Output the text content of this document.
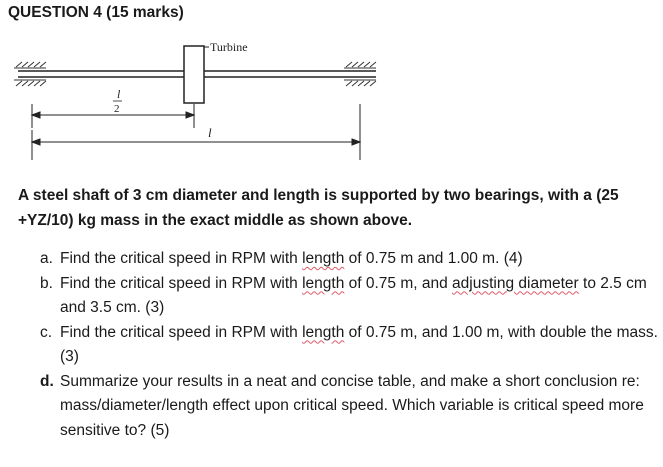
QUESTION 4 (15 marks)
Turbine
l
2
l
A steel shaft of 3 cm diameter and length is supported by two bearings, with a (25 +YZ/10) kg mass in the exact middle as shown above.
a. Find the critical speed in RPM with length of 0.75 m and 1.00 m. (4)
b. Find the critical speed in RPM with length of 0.75 m, and adjusting diameter to 2.5 cm and 3.5 cm. (3)
c. Find the critical speed in RPM with length of 0.75 m, and 1.00 m, with double the mass. (3)
d. Summarize your results in a neat and concise table, and make a short conclusion re: mass/diameter/length effect upon critical speed. Which variable is critical speed more sensitive to? (5)
